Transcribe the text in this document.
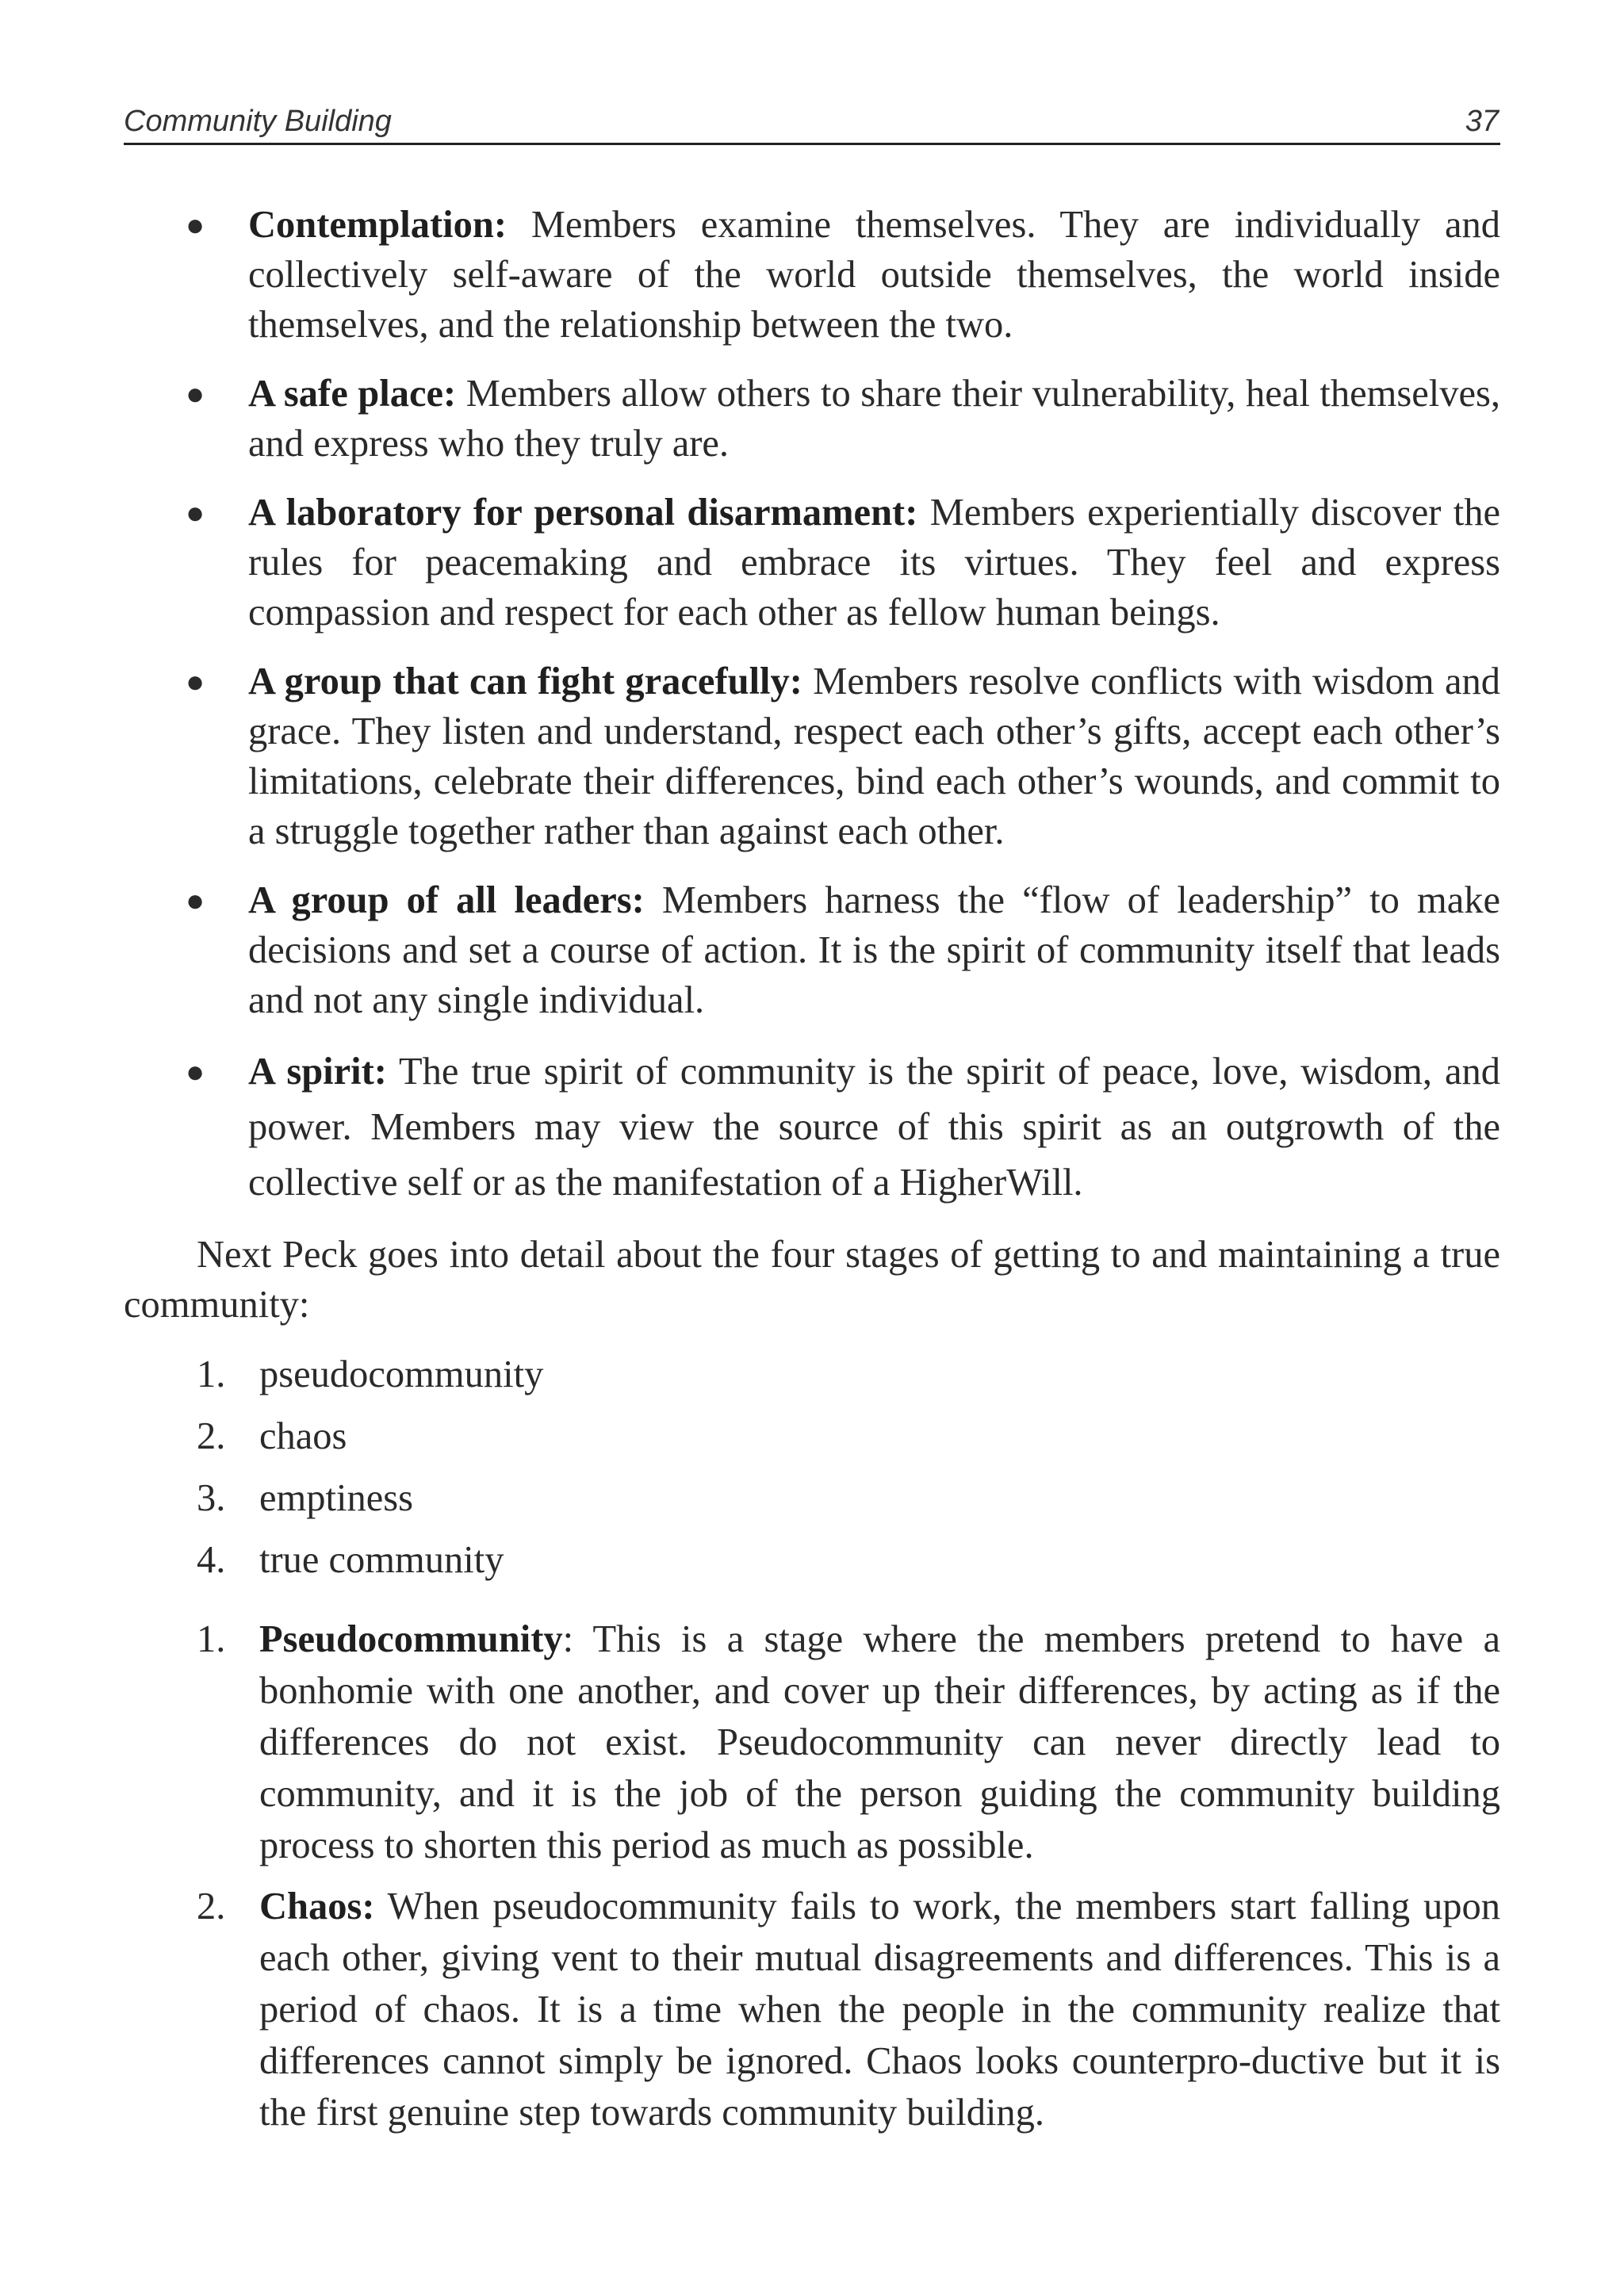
Community Building	37
● Contemplation: Members examine themselves. They are individually and collectively self-aware of the world outside themselves, the world inside themselves, and the relationship between the two.
● A safe place: Members allow others to share their vulnerability, heal themselves, and express who they truly are.
● A laboratory for personal disarmament: Members experientially discover the rules for peacemaking and embrace its virtues. They feel and express compassion and respect for each other as fellow human beings.
● A group that can fight gracefully: Members resolve conflicts with wisdom and grace. They listen and understand, respect each other’s gifts, accept each other’s limitations, celebrate their differences, bind each other’s wounds, and commit to a struggle together rather than against each other.
● A group of all leaders: Members harness the “flow of leadership” to make decisions and set a course of action. It is the spirit of community itself that leads and not any single individual.
● A spirit: The true spirit of community is the spirit of peace, love, wisdom, and power. Members may view the source of this spirit as an outgrowth of the collective self or as the manifestation of a HigherWill.

Next Peck goes into detail about the four stages of getting to and maintaining a true community:

1. pseudocommunity
2. chaos
3. emptiness
4. true community
1. Pseudocommunity: This is a stage where the members pretend to have a bonhomie with one another, and cover up their differences, by acting as if the differences do not exist. Pseudocommunity can never directly lead to community, and it is the job of the person guiding the community building process to shorten this period as much as possible.
2. Chaos: When pseudocommunity fails to work, the members start falling upon each other, giving vent to their mutual disagreements and differences. This is a period of chaos. It is a time when the people in the community realize that differences cannot simply be ignored. Chaos looks counterpro-ductive but it is the first genuine step towards community building.
